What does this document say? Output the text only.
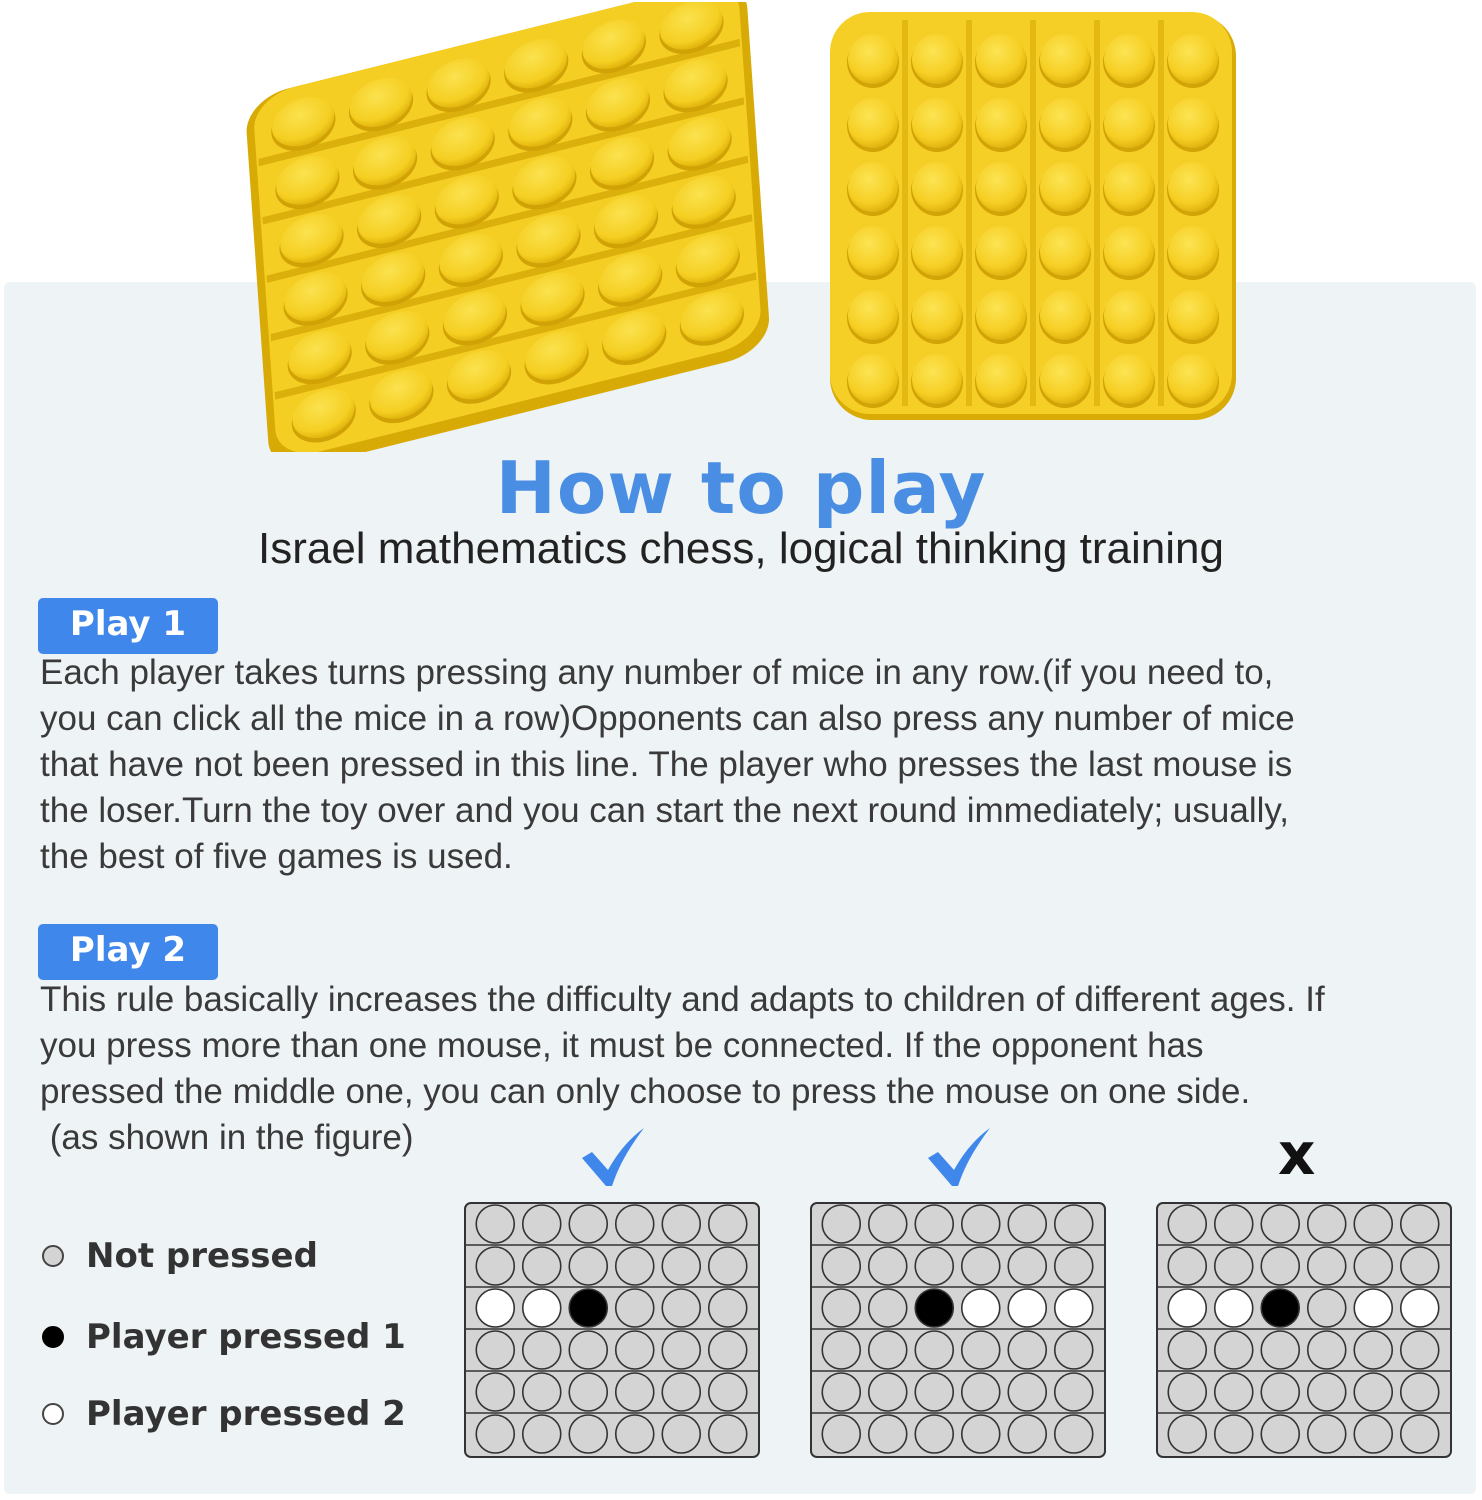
How to play
Israel mathematics chess, logical thinking training
Play 1
Each player takes turns pressing any number of mice in any row.(if you need to,
you can click all the mice in a row)Opponents can also press any number of mice
that have not been pressed in this line. The player who presses the last mouse is
the loser.Turn the toy over and you can start the next round immediately; usually,
the best of five games is used.
Play 2
This rule basically increases the difficulty and adapts to children of different ages. If
you press more than one mouse, it must be connected. If the opponent has
pressed the middle one, you can only choose to press the mouse on one side.
(as shown in the figure)
Not pressed
Player pressed 1
Player pressed 2
x
